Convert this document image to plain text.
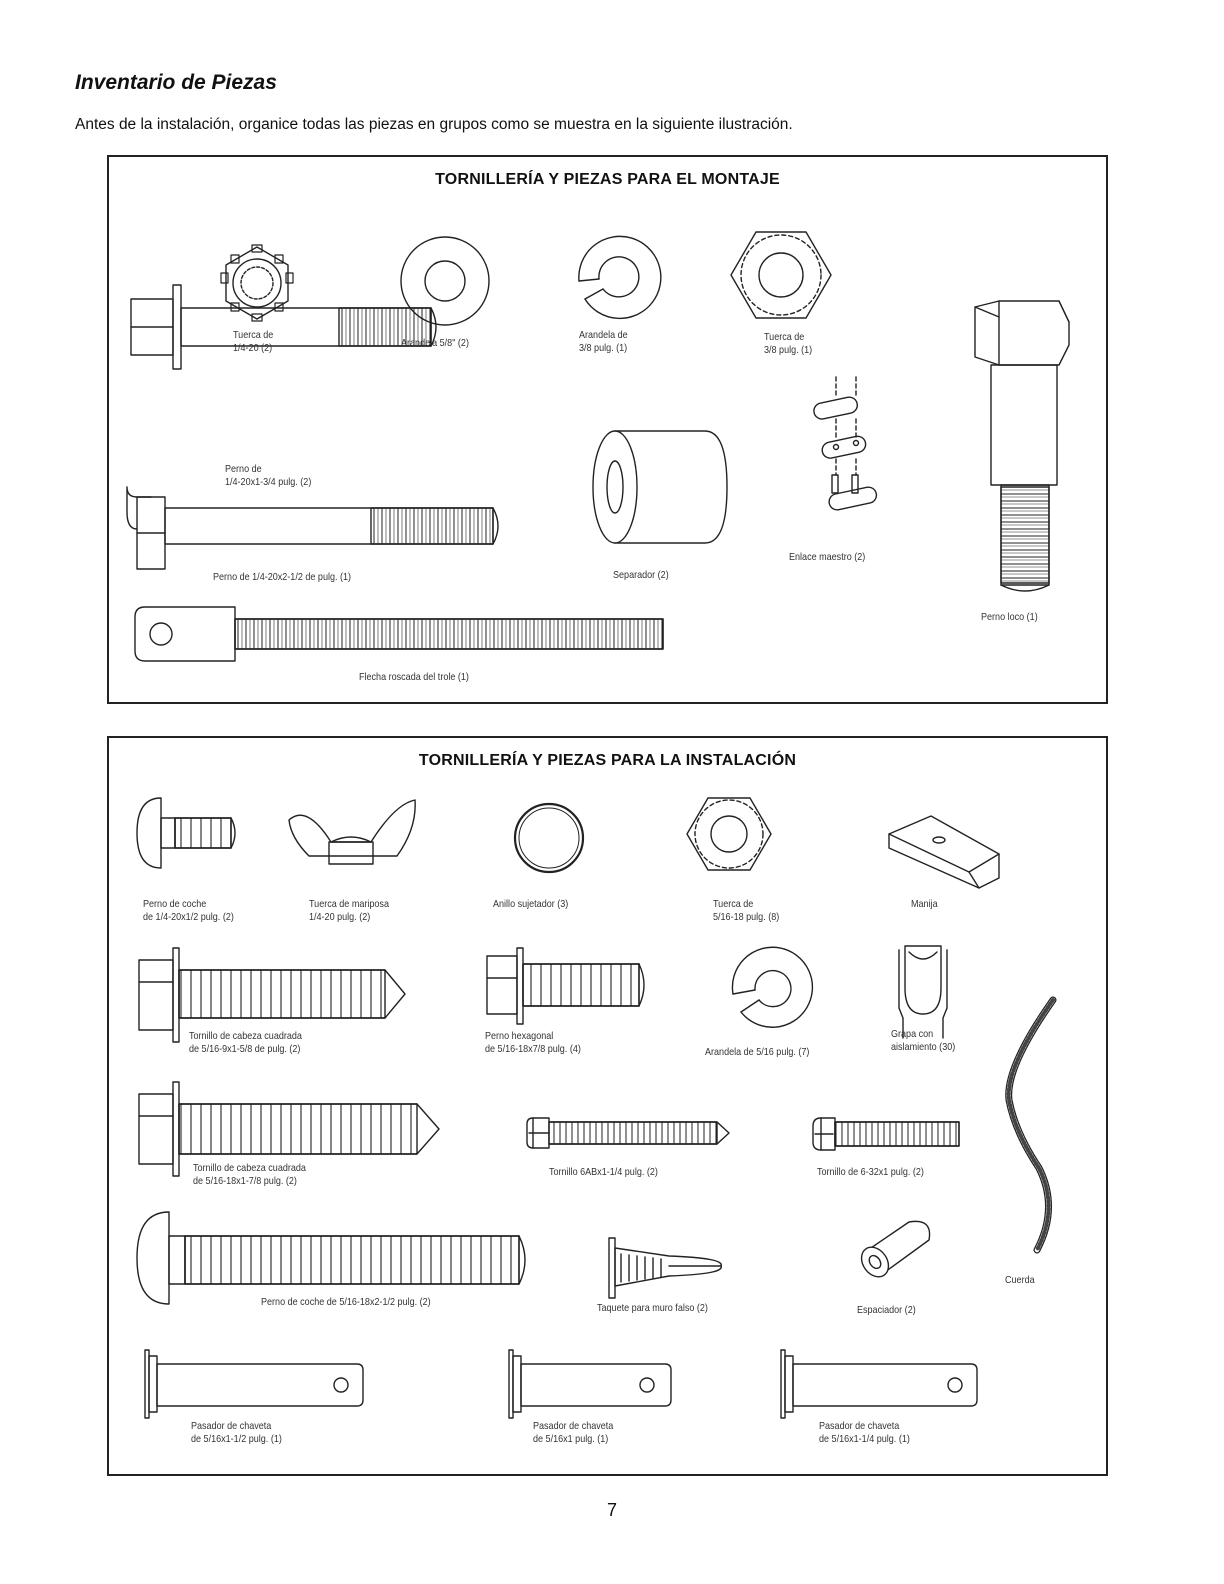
Inventario de Piezas
Antes de la instalación, organice todas las piezas en grupos como se muestra en la siguiente ilustración.
TORNILLERÍA Y PIEZAS PARA EL MONTAJE
Tuerca de
1/4-20 (2)	Arandela 5/8" (2)
Arandela de
3/8 pulg. (1)
Tuerca de
3/8 pulg. (1)
Perno de
1/4-20x1-3/4 pulg. (2)
Perno de 1/4-20x2-1/2 de pulg. (1)	Separador (2)
Enlace maestro (2)
Perno loco (1)
Flecha roscada del trole (1)
TORNILLERÍA Y PIEZAS PARA LA INSTALACIÓN
Perno de coche
de 1/4-20x1/2 pulg. (2)
Tuerca de mariposa
1/4-20 pulg. (2)
Anillo sujetador (3)	Tuerca de
5/16-18 pulg. (8)
Manija
Tornillo de cabeza cuadrada
de 5/16-9x1-5/8 de pulg. (2)
Perno hexagonal
de 5/16-18x7/8 pulg. (4)	Arandela de 5/16 pulg. (7)
Grapa con
aislamiento (30)
Tornillo de cabeza cuadrada
de 5/16-18x1-7/8 pulg. (2)
Tornillo 6ABx1-1/4 pulg. (2)	Tornillo de 6-32x1 pulg. (2)
Cuerda
Perno de coche de 5/16-18x2-1/2 pulg. (2)	Taquete para muro falso (2)	Espaciador (2)
Pasador de chaveta
de 5/16x1-1/2 pulg. (1)
Pasador de chaveta
de 5/16x1 pulg. (1)
Pasador de chaveta
de 5/16x1-1/4 pulg. (1)
7
